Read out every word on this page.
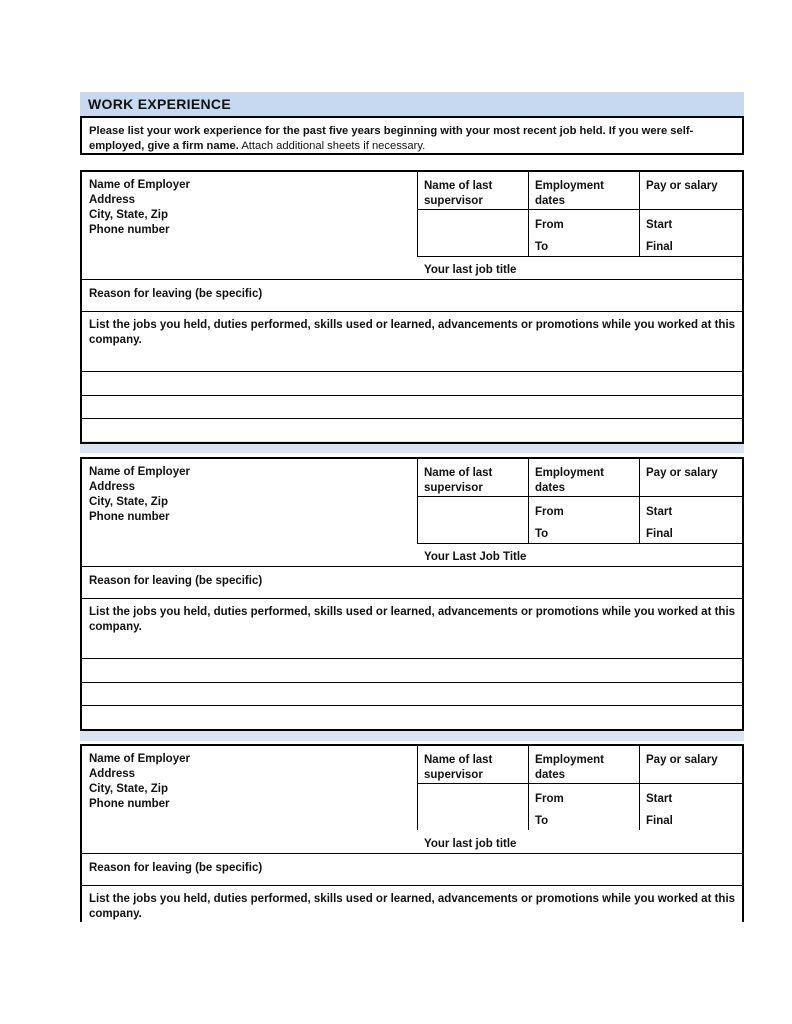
WORK EXPERIENCE
Please list your work experience for the past five years beginning with your most recent job held. If you were self-employed, give a firm name. Attach additional sheets if necessary.
Name of Employer
Address
City, State, Zip
Phone number
Name of last supervisor
Employment dates
Pay or salary
From
To
Start
Final
Your last job title
Reason for leaving (be specific)
List the jobs you held, duties performed, skills used or learned, advancements or promotions while you worked at this company.
Name of Employer
Address
City, State, Zip
Phone number
Name of last supervisor
Employment dates
Pay or salary
From
To
Start
Final
Your Last Job Title
Reason for leaving (be specific)
List the jobs you held, duties performed, skills used or learned, advancements or promotions while you worked at this company.
Name of Employer
Address
City, State, Zip
Phone number
Name of last supervisor
Employment dates
Pay or salary
From
To
Start
Final
Your last job title
Reason for leaving (be specific)
List the jobs you held, duties performed, skills used or learned, advancements or promotions while you worked at this company.
